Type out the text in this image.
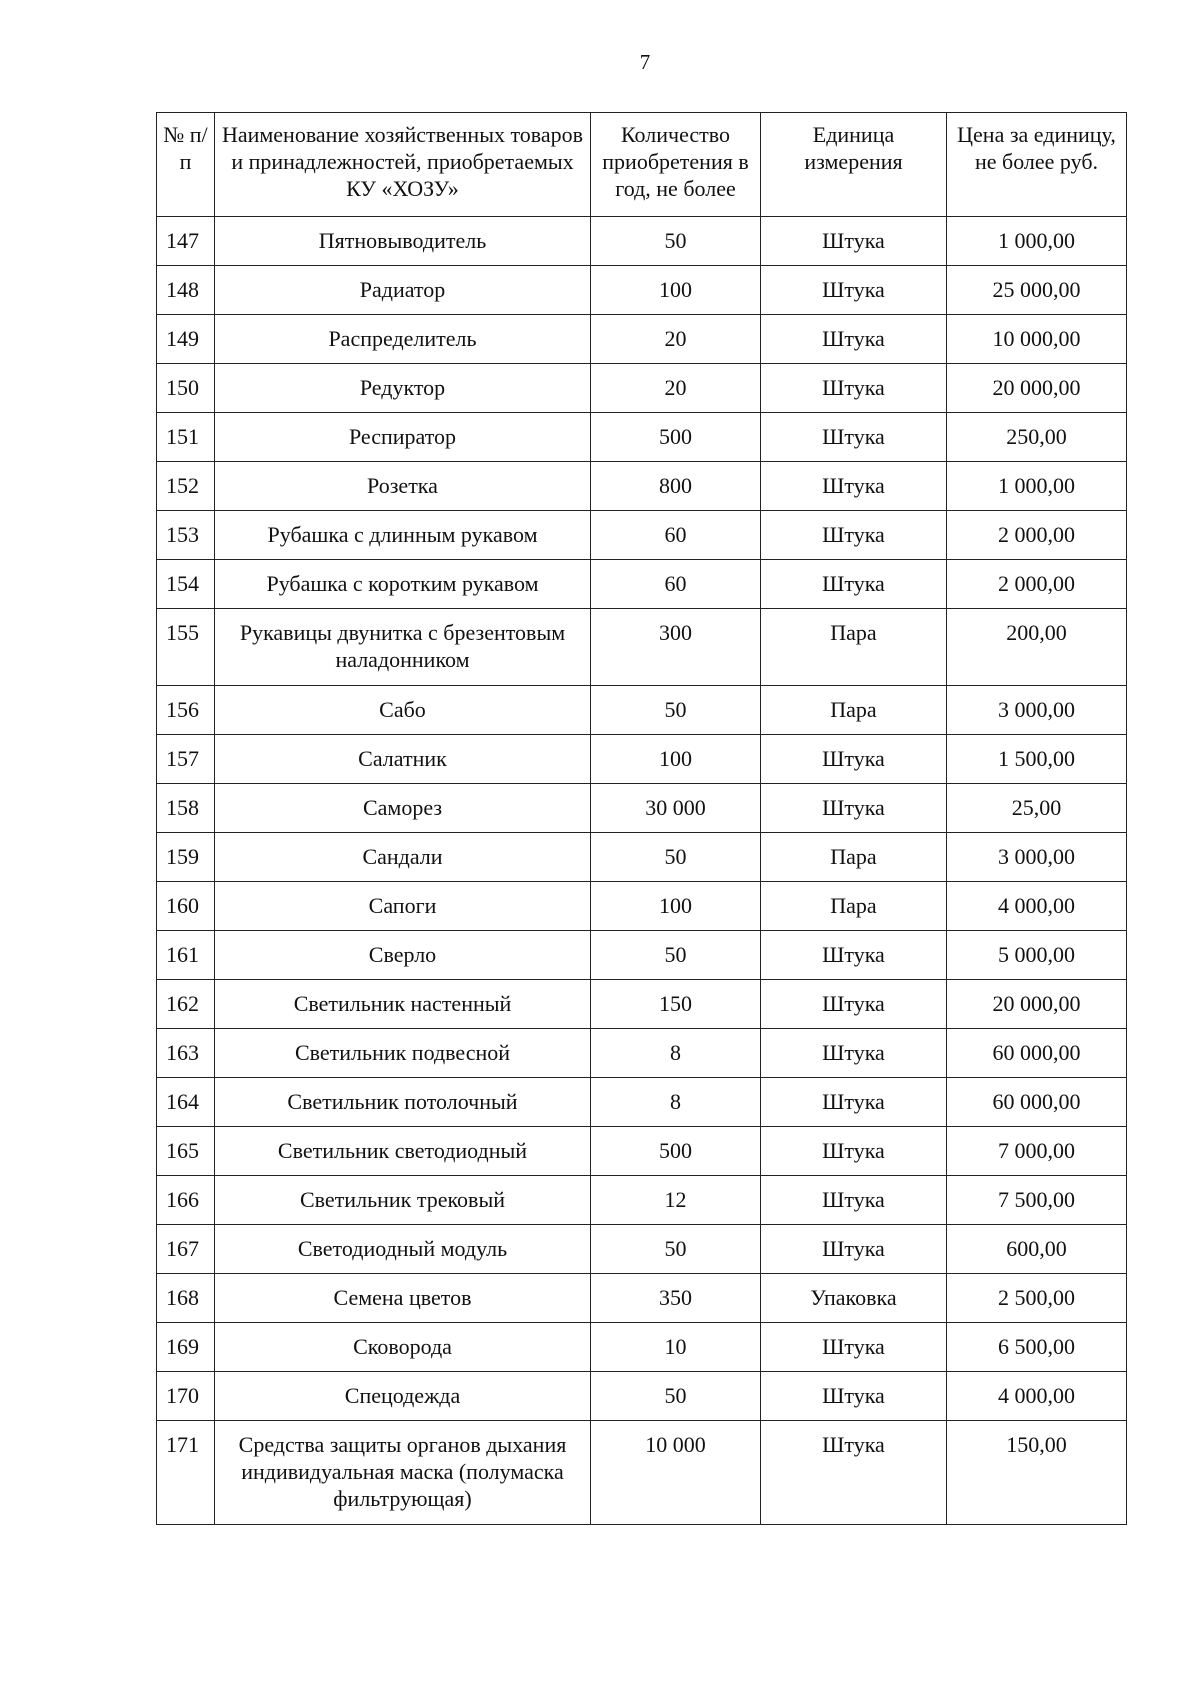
7
№ п/п	Наименование хозяйственных товаров и принадлежностей, приобретаемых КУ «ХОЗУ»	Количество приобретения в год, не более	Единица измерения	Цена за единицу, не более руб.
147	Пятновыводитель	50	Штука	1 000,00
148	Радиатор	100	Штука	25 000,00
149	Распределитель	20	Штука	10 000,00
150	Редуктор	20	Штука	20 000,00
151	Респиратор	500	Штука	250,00
152	Розетка	800	Штука	1 000,00
153	Рубашка с длинным рукавом	60	Штука	2 000,00
154	Рубашка с коротким рукавом	60	Штука	2 000,00
155	Рукавицы двунитка с брезентовым наладонником	300	Пара	200,00
156	Сабо	50	Пара	3 000,00
157	Салатник	100	Штука	1 500,00
158	Саморез	30 000	Штука	25,00
159	Сандали	50	Пара	3 000,00
160	Сапоги	100	Пара	4 000,00
161	Сверло	50	Штука	5 000,00
162	Светильник настенный	150	Штука	20 000,00
163	Светильник подвесной	8	Штука	60 000,00
164	Светильник потолочный	8	Штука	60 000,00
165	Светильник светодиодный	500	Штука	7 000,00
166	Светильник трековый	12	Штука	7 500,00
167	Светодиодный модуль	50	Штука	600,00
168	Семена цветов	350	Упаковка	2 500,00
169	Сковорода	10	Штука	6 500,00
170	Спецодежда	50	Штука	4 000,00
171	Средства защиты органов дыхания индивидуальная маска (полумаска фильтрующая)	10 000	Штука	150,00
